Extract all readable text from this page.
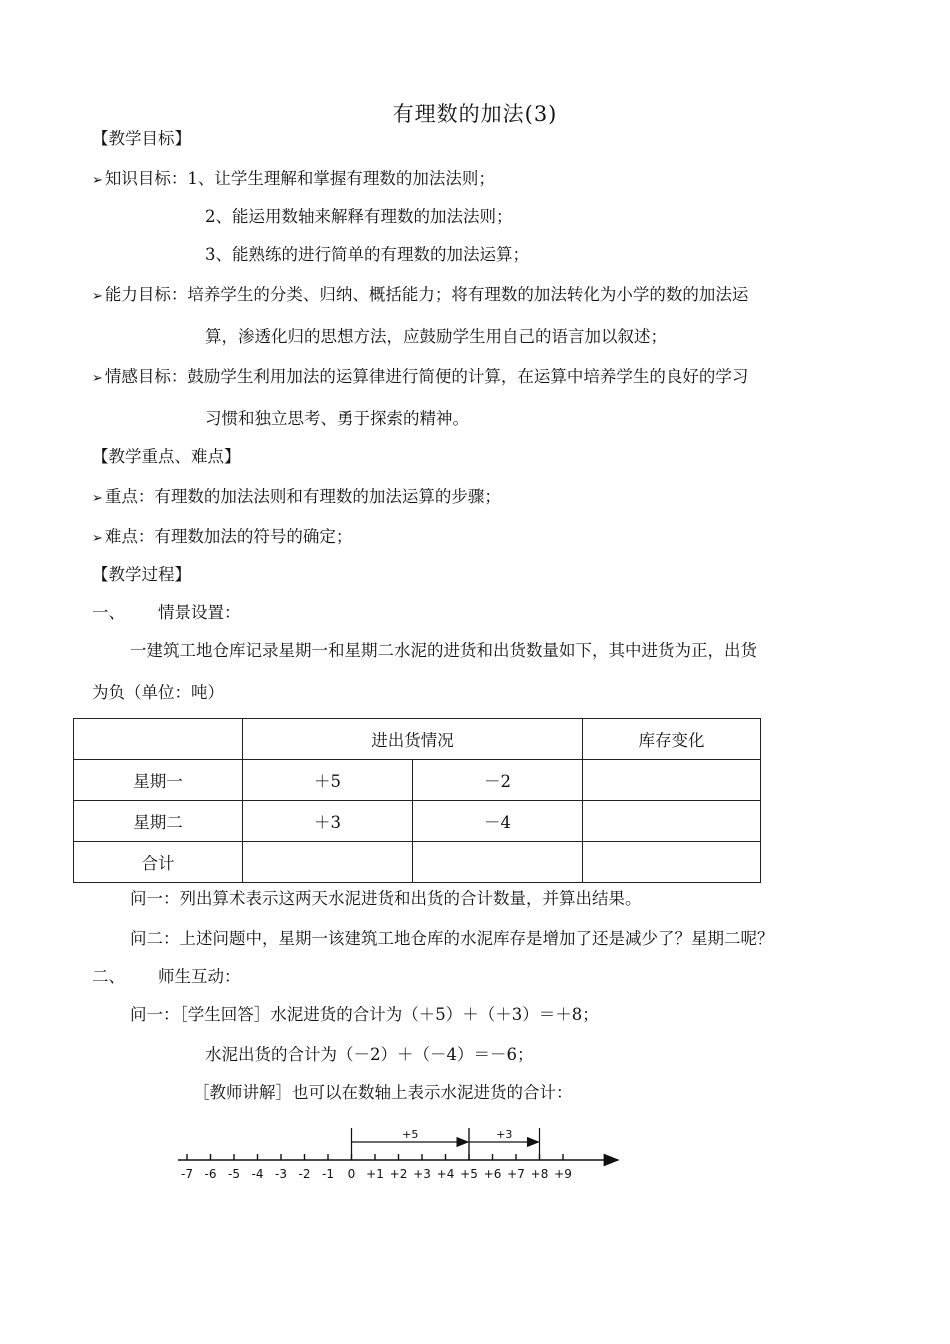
有理数的加法(3)
【教学目标】
➢ 知识目标：1、让学生理解和掌握有理数的加法法则；
2、能运用数轴来解释有理数的加法法则；
3、能熟练的进行简单的有理数的加法运算；
➢ 能力目标：培养学生的分类、归纳、概括能力；将有理数的加法转化为小学的数的加法运
算，渗透化归的思想方法，应鼓励学生用自己的语言加以叙述；
➢ 情感目标：鼓励学生利用加法的运算律进行简便的计算，在运算中培养学生的良好的学习
习惯和独立思考、勇于探索的精神。
【教学重点、难点】
➢ 重点：有理数的加法法则和有理数的加法运算的步骤；
➢ 难点：有理数加法的符号的确定；
【教学过程】
一、 情景设置：
一建筑工地仓库记录星期一和星期二水泥的进货和出货数量如下，其中进货为正，出货
为负（单位：吨）
	进出货情况		库存变化
星期一	＋5	－2	
星期二	＋3	－4	
合计			
问一：列出算术表示这两天水泥进货和出货的合计数量，并算出结果。
问二：上述问题中，星期一该建筑工地仓库的水泥库存是增加了还是减少了？星期二呢？
二、 师生互动：
问一：［学生回答］水泥进货的合计为（＋5）＋（＋3）＝＋8；
水泥出货的合计为（－2）＋（－4）＝－6；
［教师讲解］也可以在数轴上表示水泥进货的合计：
-7 -6 -5 -4 -3 -2 -1 0 +1 +2 +3 +4 +5 +6 +7 +8 +9
+5	+3
